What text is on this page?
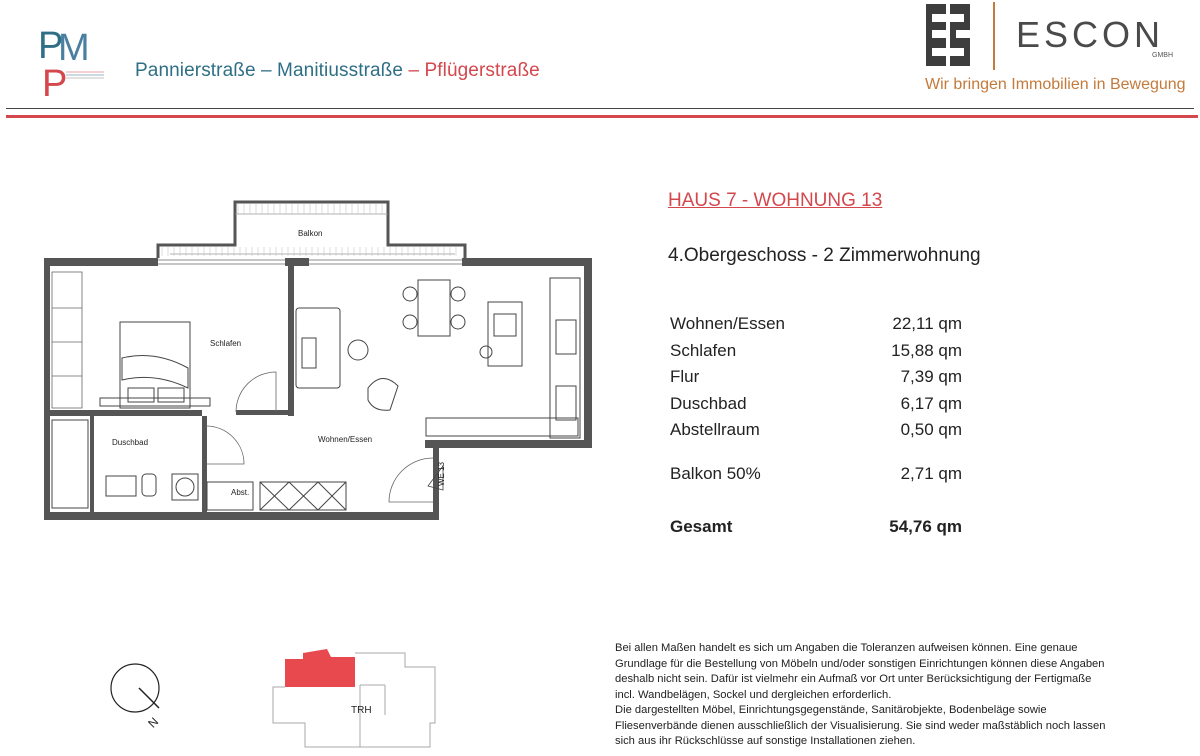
P
M
P	Pannierstraße – Manitiusstraße – Pflügerstraße
ESCON
GMBH
Wir bringen Immobilien in Bewegung
Balkon
Schlafen
Wohnen/Essen
WE 13
Duschbad
Abst.
HAUS 7 - WOHNUNG 13
4.Obergeschoss - 2 Zimmerwohnung
Wohnen/Essen	22,11 qm
Schlafen	15,88 qm
Flur	7,39 qm
Duschbad	6,17 qm
Abstellraum	0,50 qm
Balkon 50%	2,71 qm
Gesamt	54,76 qm
N
TRH
Bei allen Maßen handelt es sich um Angaben die Toleranzen aufweisen können. Eine genaue
Grundlage für die Bestellung von Möbeln und/oder sonstigen Einrichtungen können diese Angaben
deshalb nicht sein. Dafür ist vielmehr ein Aufmaß vor Ort unter Berücksichtigung der Fertigmaße
incl. Wandbelägen, Sockel und dergleichen erforderlich.
Die dargestellten Möbel, Einrichtungsgegenstände, Sanitärobjekte, Bodenbeläge sowie
Fliesenverbände dienen ausschließlich der Visualisierung. Sie sind weder maßstäblich noch lassen
sich aus ihr Rückschlüsse auf sonstige Installationen ziehen.
